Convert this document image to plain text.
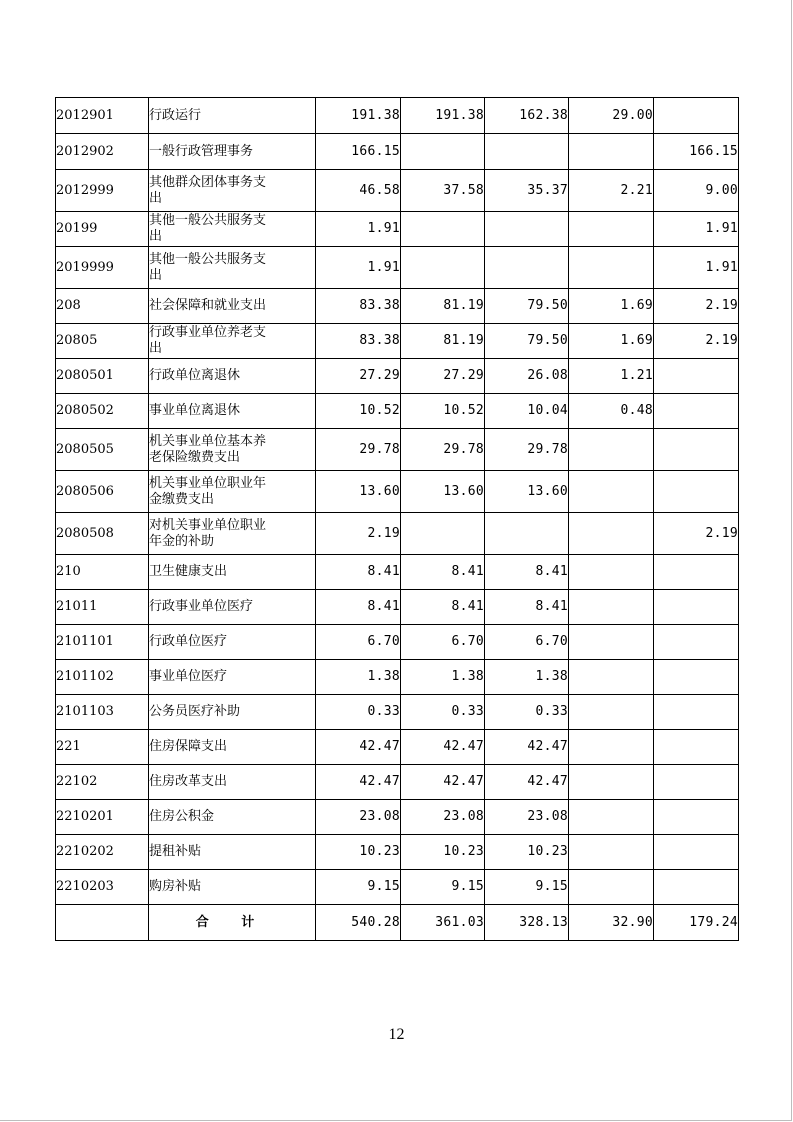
2012901	行政运行	191.38	191.38	162.38	29.00	
2012902	一般行政管理事务	166.15				166.15
2012999	其他群众团体事务支出	46.58	37.58	35.37	2.21	9.00
20199	其他一般公共服务支出	1.91				1.91
2019999	其他一般公共服务支出	1.91				1.91
208	社会保障和就业支出	83.38	81.19	79.50	1.69	2.19
20805	行政事业单位养老支出	83.38	81.19	79.50	1.69	2.19
2080501	行政单位离退休	27.29	27.29	26.08	1.21	
2080502	事业单位离退休	10.52	10.52	10.04	0.48	
2080505	机关事业单位基本养老保险缴费支出	29.78	29.78	29.78		
2080506	机关事业单位职业年金缴费支出	13.60	13.60	13.60		
2080508	对机关事业单位职业年金的补助	2.19				2.19
210	卫生健康支出	8.41	8.41	8.41		
21011	行政事业单位医疗	8.41	8.41	8.41		
2101101	行政单位医疗	6.70	6.70	6.70		
2101102	事业单位医疗	1.38	1.38	1.38		
2101103	公务员医疗补助	0.33	0.33	0.33		
221	住房保障支出	42.47	42.47	42.47		
22102	住房改革支出	42.47	42.47	42.47		
2210201	住房公积金	23.08	23.08	23.08		
2210202	提租补贴	10.23	10.23	10.23		
2210203	购房补贴	9.15	9.15	9.15		
	合 计	540.28	361.03	328.13	32.90	179.24
12
